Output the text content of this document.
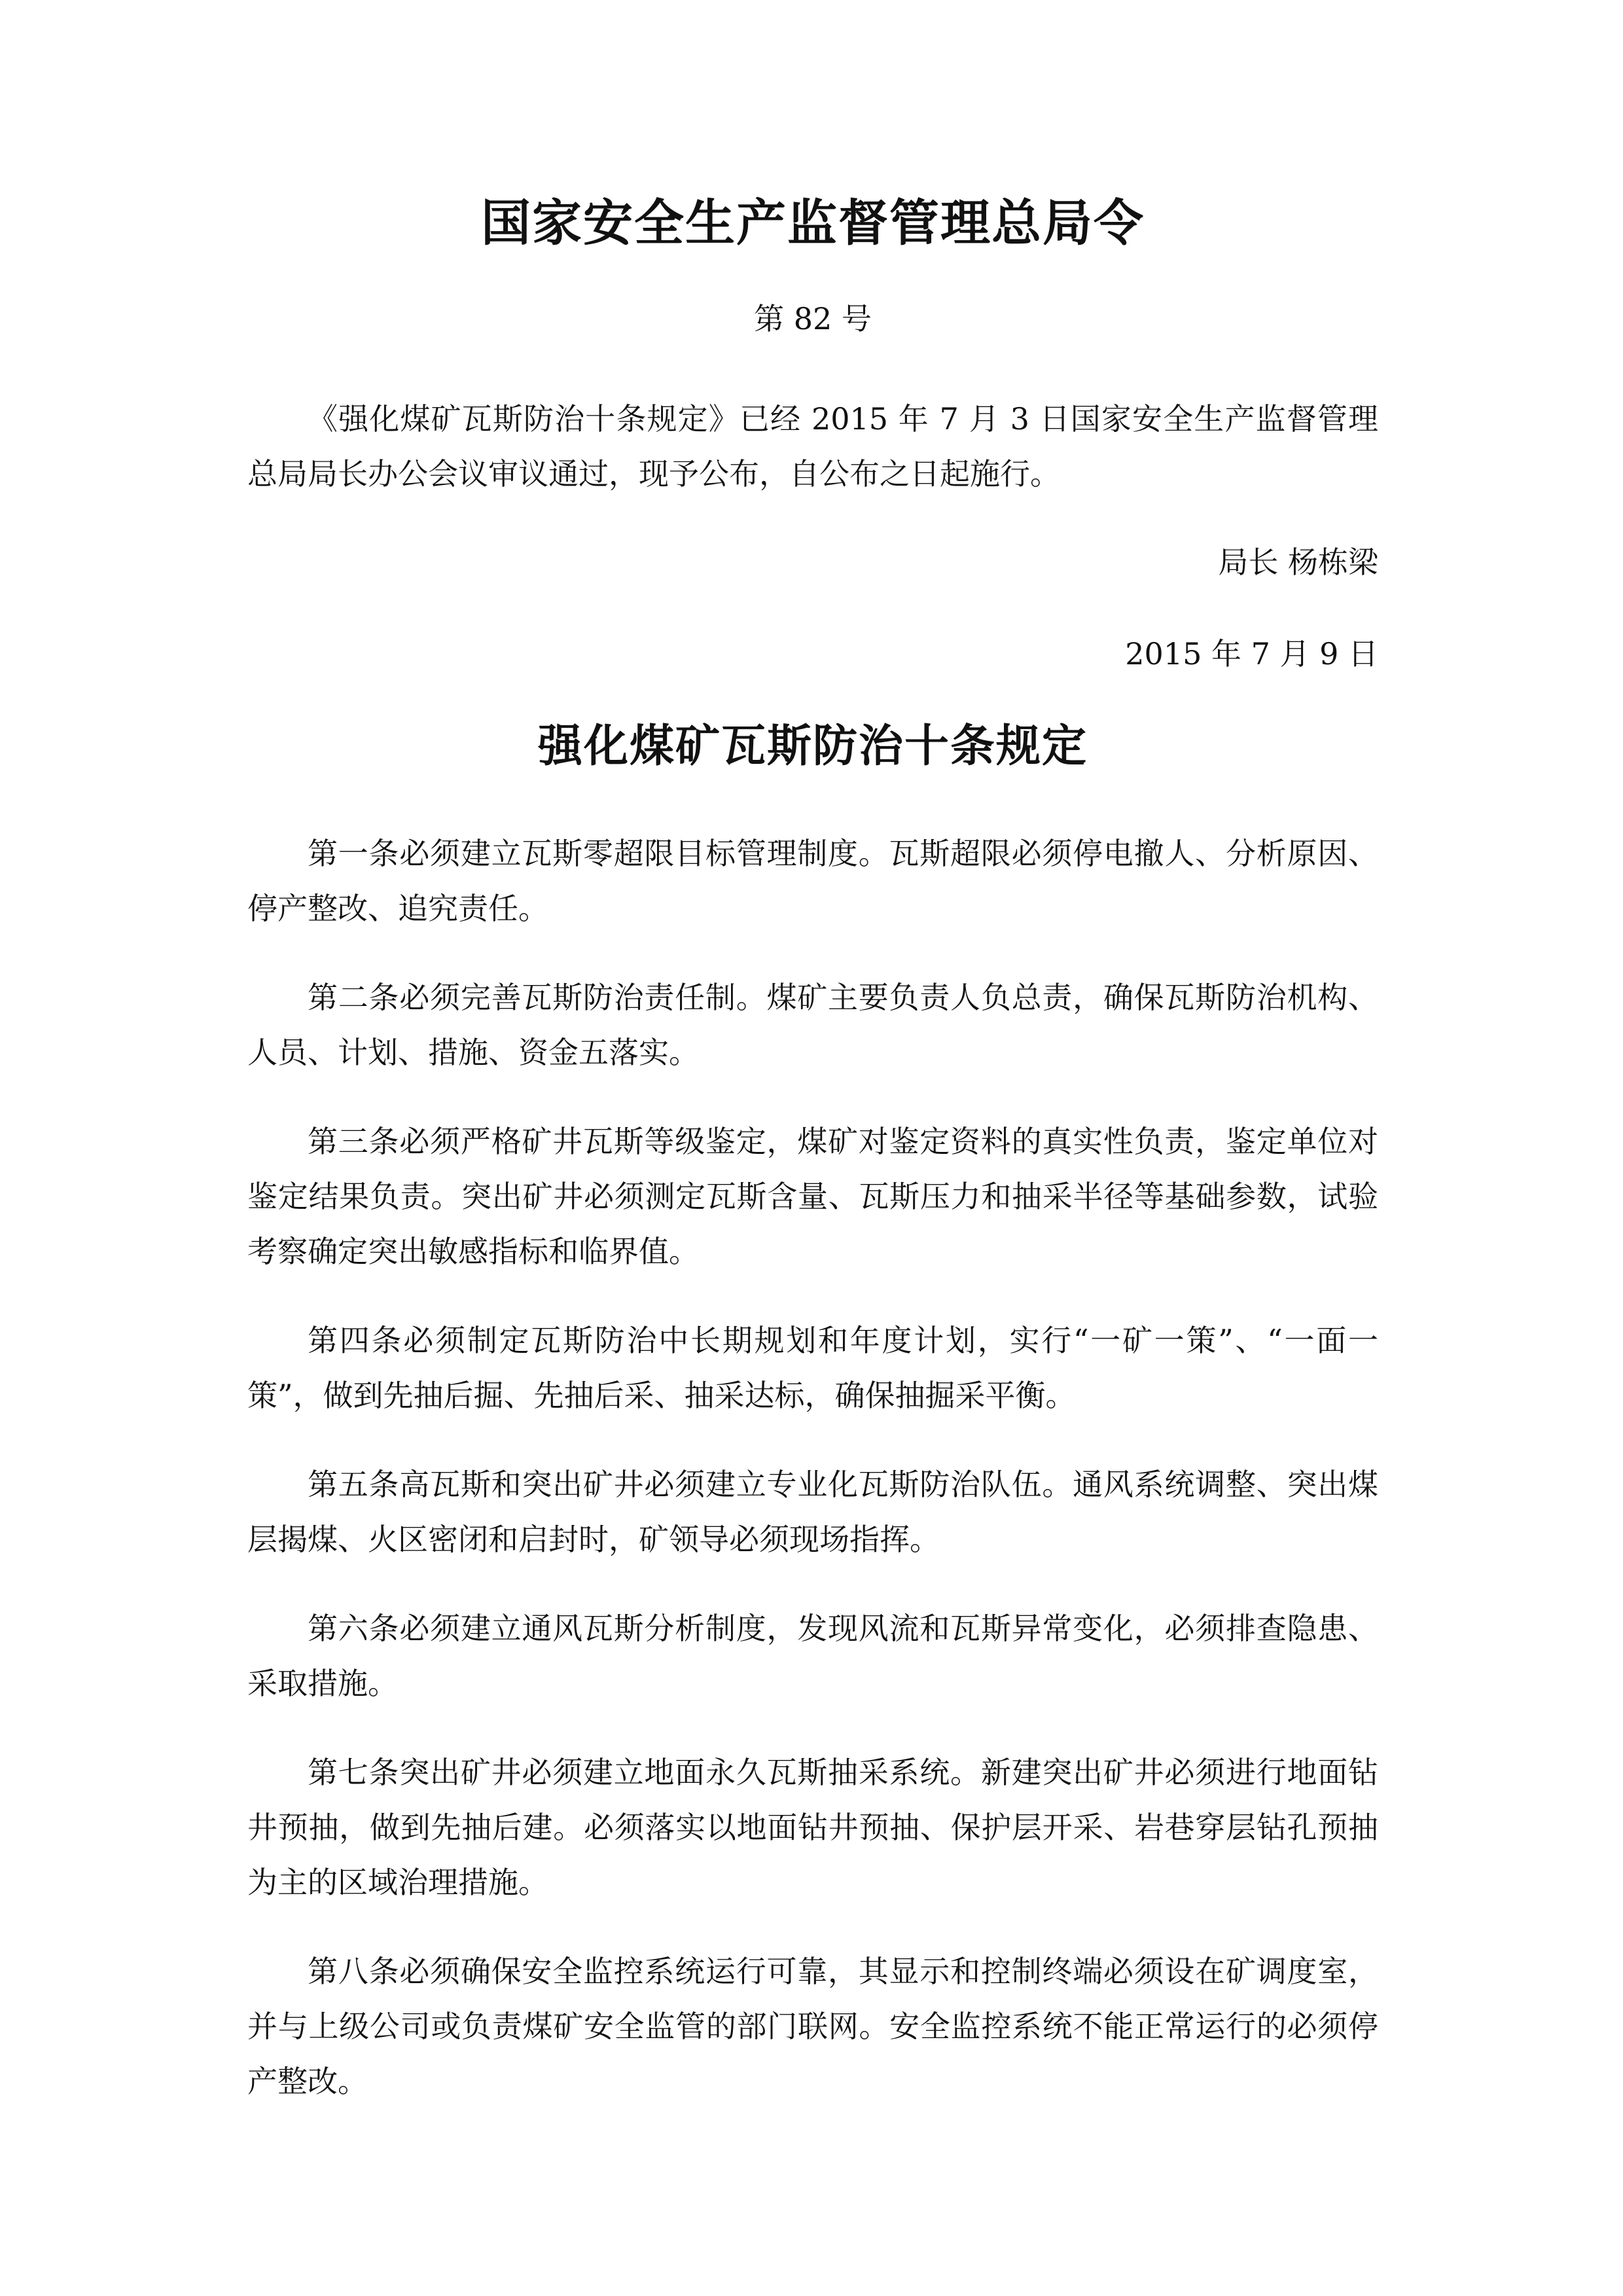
国家安全生产监督管理总局令
第 82 号

《强化煤矿瓦斯防治十条规定》已经 2015 年 7 月 3 日国家安全生产监督管理总局局长办公会议审议通过，现予公布，自公布之日起施行。

局长 杨栋梁
2015 年 7 月 9 日
强化煤矿瓦斯防治十条规定

第一条必须建立瓦斯零超限目标管理制度。瓦斯超限必须停电撤人、分析原因、停产整改、追究责任。

第二条必须完善瓦斯防治责任制。煤矿主要负责人负总责，确保瓦斯防治机构、人员、计划、措施、资金五落实。

第三条必须严格矿井瓦斯等级鉴定，煤矿对鉴定资料的真实性负责，鉴定单位对鉴定结果负责。突出矿井必须测定瓦斯含量、瓦斯压力和抽采半径等基础参数，试验考察确定突出敏感指标和临界值。

第四条必须制定瓦斯防治中长期规划和年度计划，实行“一矿一策”、“一面一策”，做到先抽后掘、先抽后采、抽采达标，确保抽掘采平衡。

第五条高瓦斯和突出矿井必须建立专业化瓦斯防治队伍。通风系统调整、突出煤层揭煤、火区密闭和启封时，矿领导必须现场指挥。

第六条必须建立通风瓦斯分析制度，发现风流和瓦斯异常变化，必须排查隐患、采取措施。

第七条突出矿井必须建立地面永久瓦斯抽采系统。新建突出矿井必须进行地面钻井预抽，做到先抽后建。必须落实以地面钻井预抽、保护层开采、岩巷穿层钻孔预抽为主的区域治理措施。

第八条必须确保安全监控系统运行可靠，其显示和控制终端必须设在矿调度室，并与上级公司或负责煤矿安全监管的部门联网。安全监控系统不能正常运行的必须停产整改。
